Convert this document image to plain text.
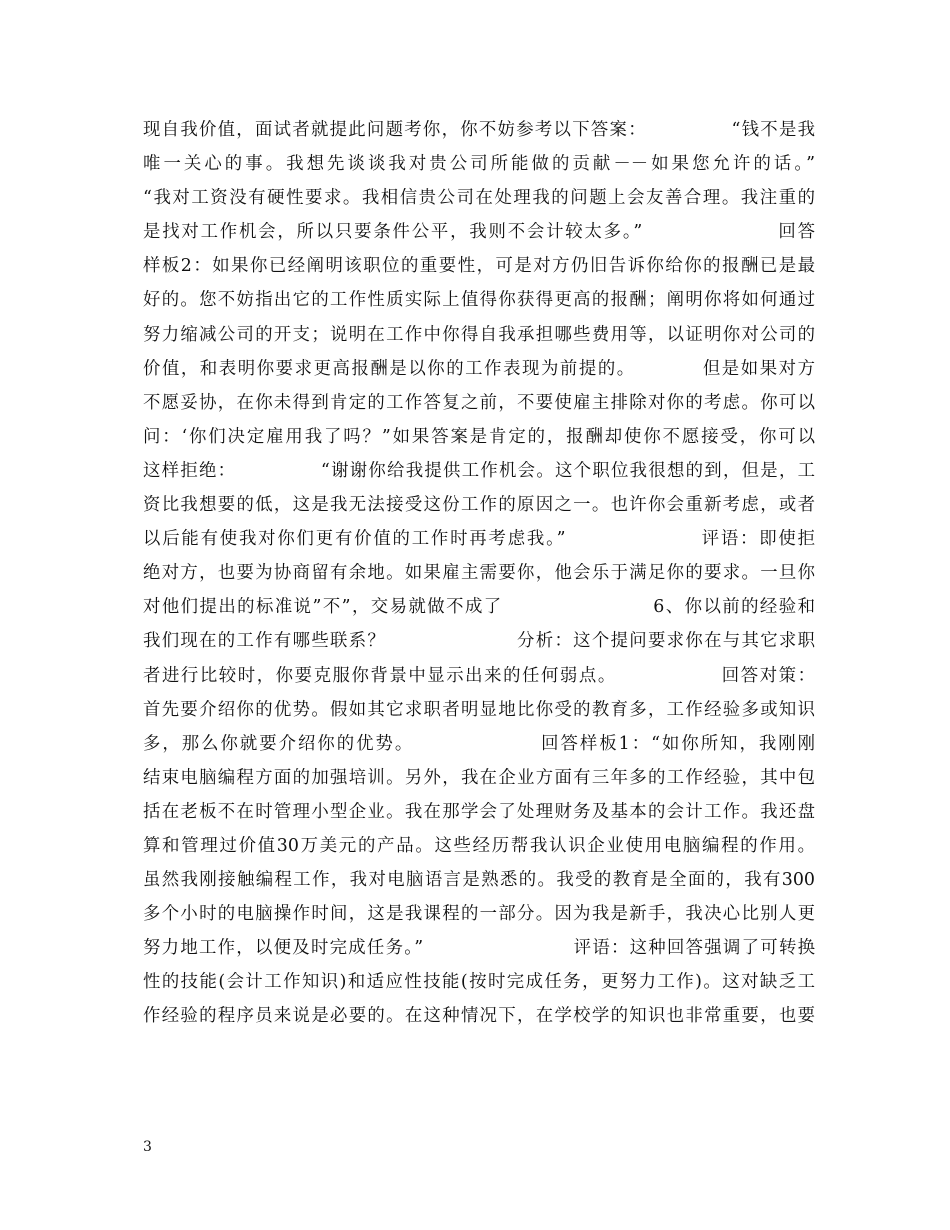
现自我价值，面试者就提此问题考你，你不妨参考以下答案：　　　　　“钱不是我
唯一关心的事。我想先谈谈我对贵公司所能做的贡献－－如果您允许的话。”
“我对工资没有硬性要求。我相信贵公司在处理我的问题上会友善合理。我注重的
是找对工作机会，所以只要条件公平，我则不会计较太多。”　　　　　　　回答
样板2：如果你已经阐明该职位的重要性，可是对方仍旧告诉你给你的报酬已是最
好的。您不妨指出它的工作性质实际上值得你获得更高的报酬；阐明你将如何通过
努力缩减公司的开支；说明在工作中你得自我承担哪些费用等，以证明你对公司的
价值，和表明你要求更高报酬是以你的工作表现为前提的。　　　　但是如果对方
不愿妥协，在你未得到肯定的工作答复之前，不要使雇主排除对你的考虑。你可以
问：‘你们决定雇用我了吗？”如果答案是肯定的，报酬却使你不愿接受，你可以
这样拒绝：　　　　　“谢谢你给我提供工作机会。这个职位我很想的到，但是，工
资比我想要的低，这是我无法接受这份工作的原因之一。也许你会重新考虑，或者
以后能有使我对你们更有价值的工作时再考虑我。”　　　　　　　评语：即使拒
绝对方，也要为协商留有余地。如果雇主需要你，他会乐于满足你的要求。一旦你
对他们提出的标准说”不”，交易就做不成了　　　　　　　　6、你以前的经验和
我们现在的工作有哪些联系？　　　　　　　分析：这个提问要求你在与其它求职
者进行比较时，你要克服你背景中显示出来的任何弱点。　　　　　　回答对策：
首先要介绍你的优势。假如其它求职者明显地比你受的教育多，工作经验多或知识
多，那么你就要介绍你的优势。　　　　　　　回答样板1：“如你所知，我刚刚
结束电脑编程方面的加强培训。另外，我在企业方面有三年多的工作经验，其中包
括在老板不在时管理小型企业。我在那学会了处理财务及基本的会计工作。我还盘
算和管理过价值30万美元的产品。这些经历帮我认识企业使用电脑编程的作用。
虽然我刚接触编程工作，我对电脑语言是熟悉的。我受的教育是全面的，我有300
多个小时的电脑操作时间，这是我课程的一部分。因为我是新手，我决心比别人更
努力地工作，以便及时完成任务。”　　　　　　　　评语：这种回答强调了可转换
性的技能(会计工作知识)和适应性技能(按时完成任务，更努力工作)。这对缺乏工
作经验的程序员来说是必要的。在这种情况下，在学校学的知识也非常重要，也要
3
